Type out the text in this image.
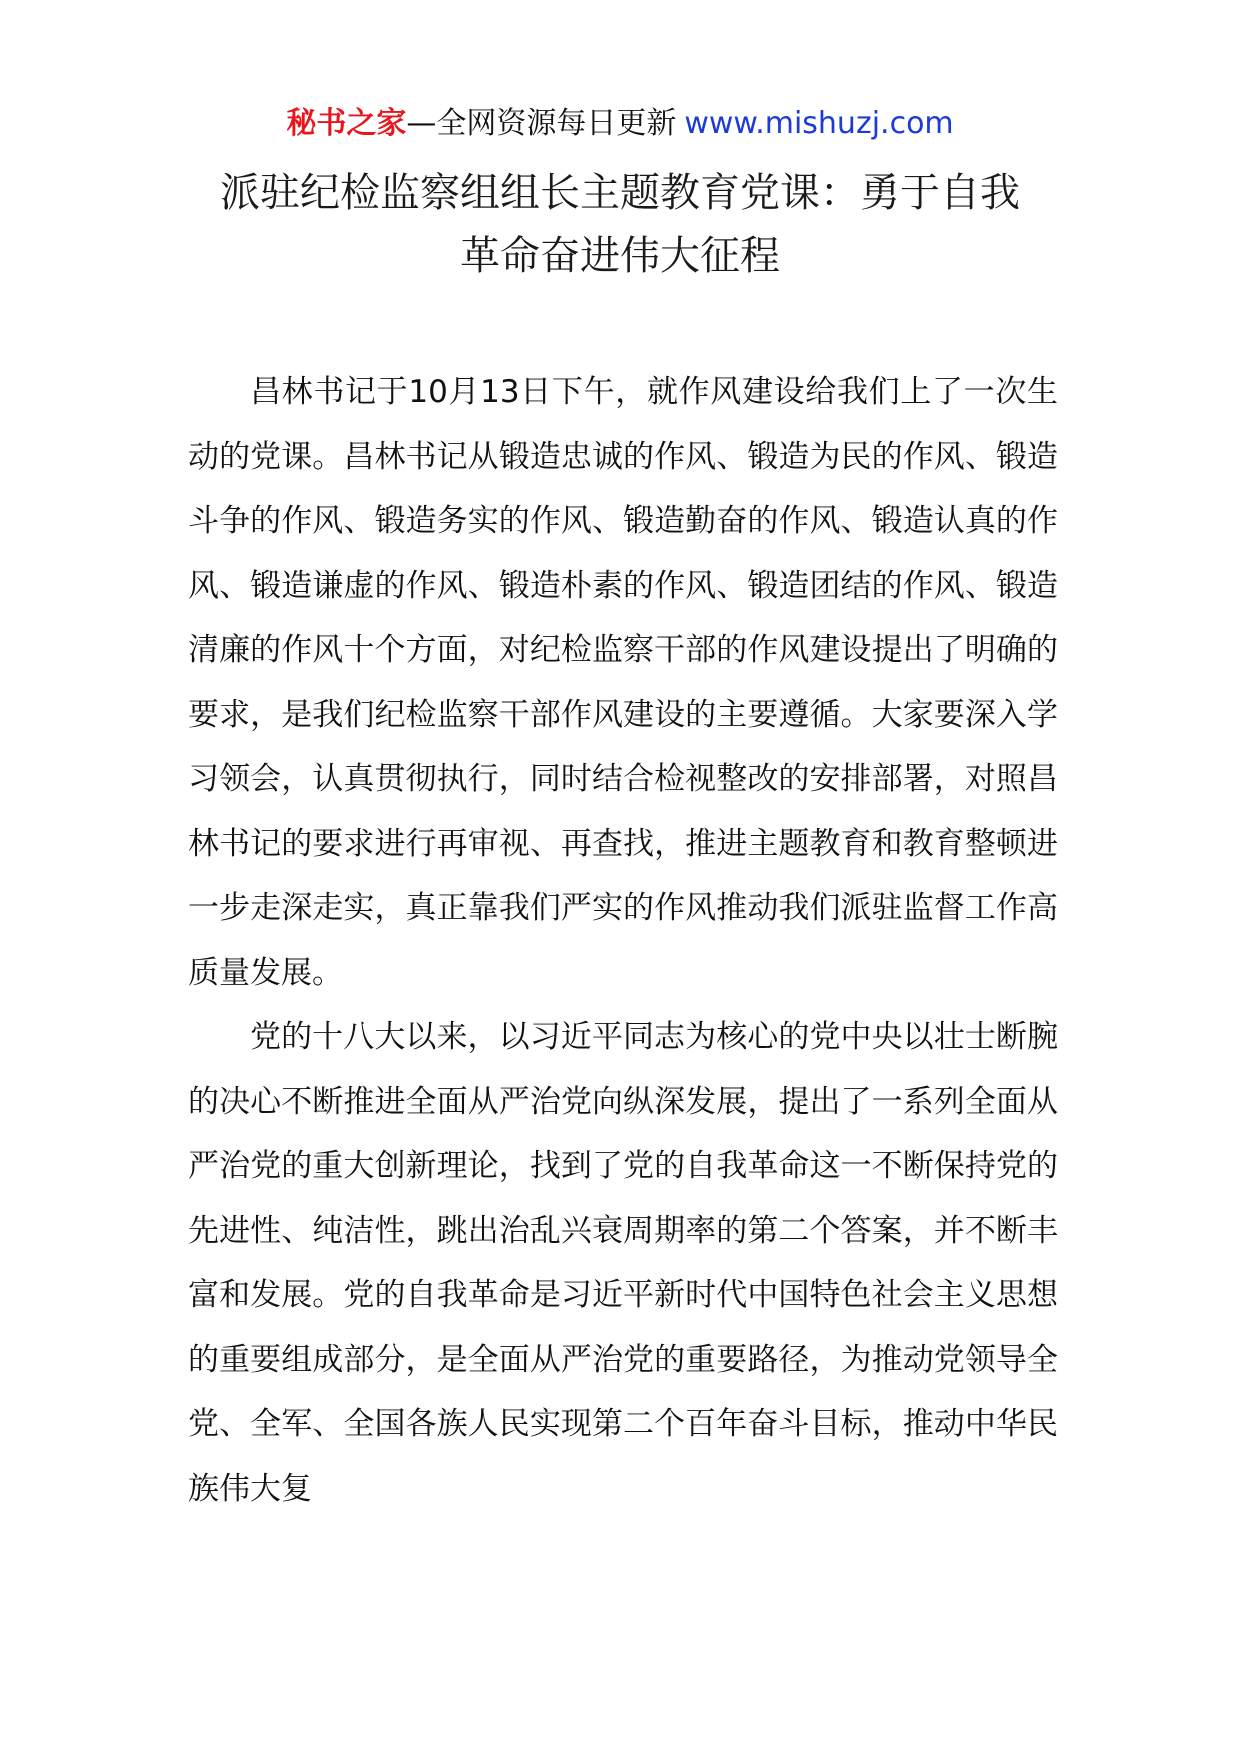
秘书之家—全网资源每日更新 www.mishuzj.com
派驻纪检监察组组长主题教育党课：勇于自我
革命奋进伟大征程

昌林书记于10月13日下午，就作风建设给我们上了一次生动的党课。昌林书记从锻造忠诚的作风、锻造为民的作风、锻造斗争的作风、锻造务实的作风、锻造勤奋的作风、锻造认真的作风、锻造谦虚的作风、锻造朴素的作风、锻造团结的作风、锻造清廉的作风十个方面，对纪检监察干部的作风建设提出了明确的要求，是我们纪检监察干部作风建设的主要遵循。大家要深入学习领会，认真贯彻执行，同时结合检视整改的安排部署，对照昌林书记的要求进行再审视、再查找，推进主题教育和教育整顿进一步走深走实，真正靠我们严实的作风推动我们派驻监督工作高质量发展。

党的十八大以来，以习近平同志为核心的党中央以壮士断腕的决心不断推进全面从严治党向纵深发展，提出了一系列全面从严治党的重大创新理论，找到了党的自我革命这一不断保持党的先进性、纯洁性，跳出治乱兴衰周期率的第二个答案，并不断丰富和发展。党的自我革命是习近平新时代中国特色社会主义思想的重要组成部分，是全面从严治党的重要路径，为推动党领导全党、全军、全国各族人民实现第二个百年奋斗目标，推动中华民族伟大复
